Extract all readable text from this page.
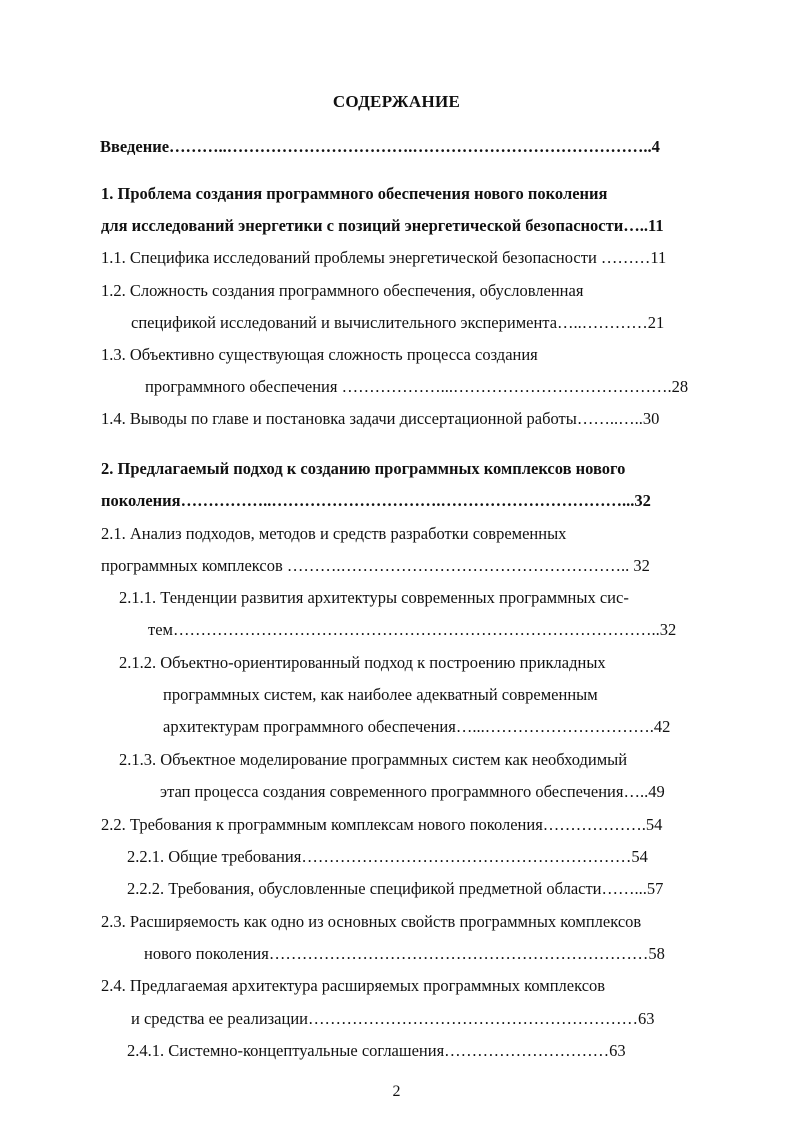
СОДЕРЖАНИЕ
Введение………..…………………………….……………………………………..4
1. Проблема создания программного обеспечения нового поколения
для исследований энергетики с позиций энергетической безопасности…..11
1.1. Специфика исследований проблемы энергетической безопасности ………11
1.2. Сложность создания программного обеспечения, обусловленная
спецификой исследований и вычислительного эксперимента…..…………21
1.3. Объективно существующая сложность процесса создания
программного обеспечения ………………...………………………………….28
1.4. Выводы по главе и постановка задачи диссертационной работы……..…..30
2. Предлагаемый подход к созданию программных комплексов нового
поколения……………..………………………….……………………………...32
2.1. Анализ подходов, методов и средств разработки современных
программных комплексов ……….…………………………………………….. 32
2.1.1. Тенденции развития архитектуры современных программных сис-
тем……………………………………………………………………………..32
2.1.2. Объектно-ориентированный подход к построению прикладных
программных систем, как наиболее адекватный современным
архитектурам программного обеспечения…...………………………….42
2.1.3. Объектное моделирование программных систем как необходимый
этап процесса создания современного программного обеспечения…..49
2.2. Требования к программным комплексам нового поколения……………….54
2.2.1. Общие требования……………………………………………………54
2.2.2. Требования, обусловленные спецификой предметной области……...57
2.3. Расширяемость как одно из основных свойств программных комплексов
нового поколения……………………………………………………………58
2.4. Предлагаемая архитектура расширяемых программных комплексов
и средства ее реализации……………………………………………………63
2.4.1. Системно-концептуальные соглашения…………………………63
2
